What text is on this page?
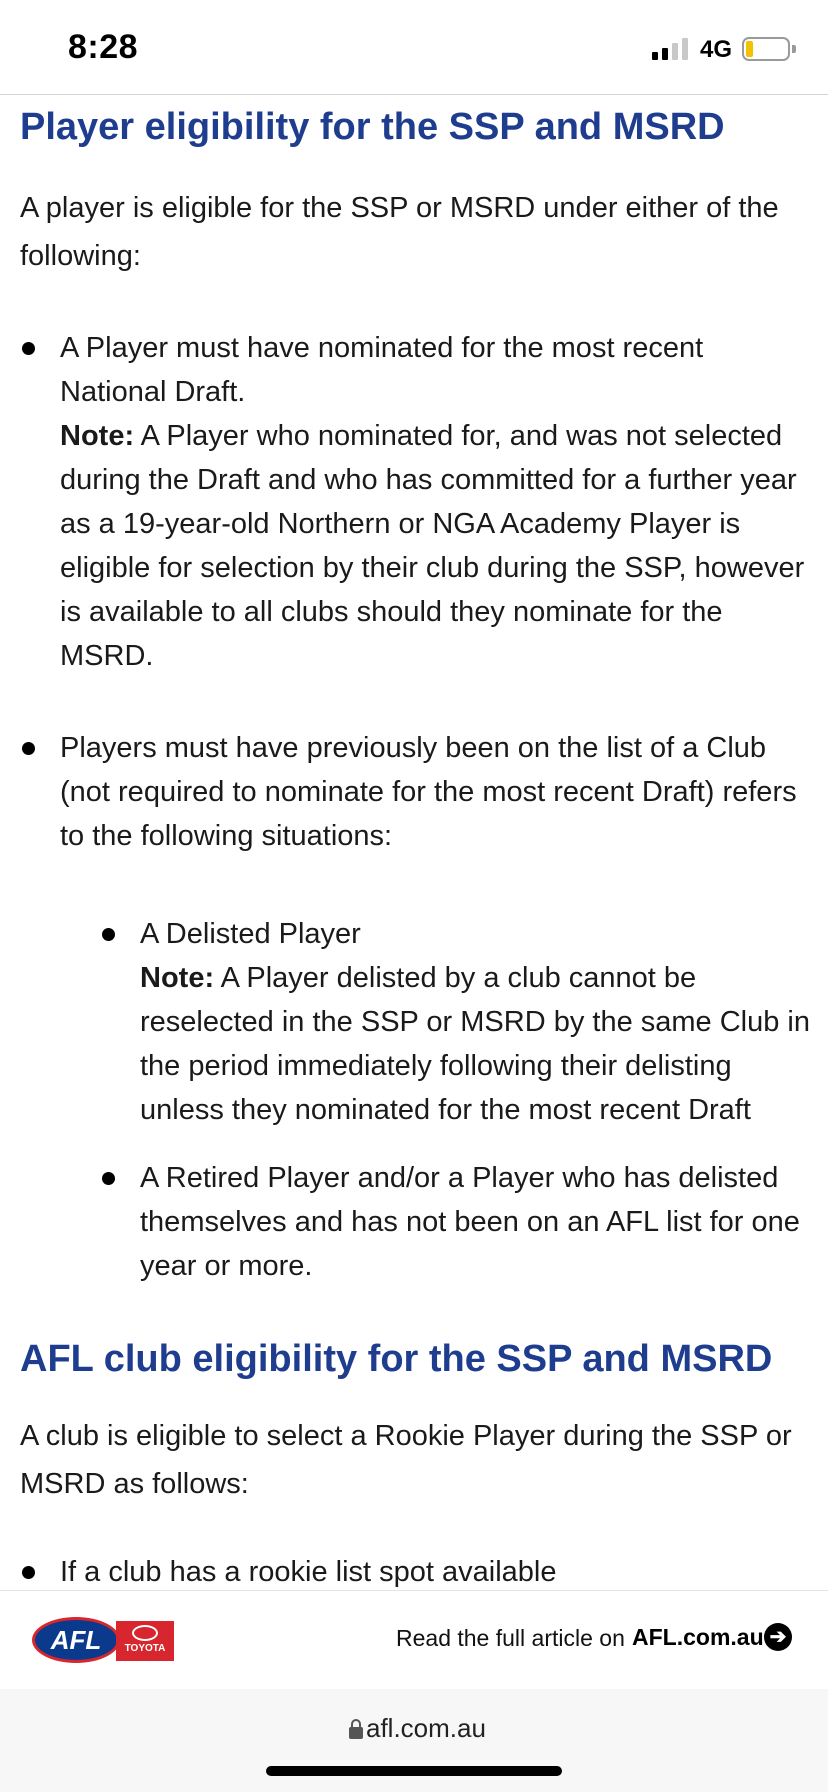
8:28	4G
Player eligibility for the SSP and MSRD

A player is eligible for the SSP or MSRD under either of the following:

A Player must have nominated for the most recent National Draft.
Note: A Player who nominated for, and was not selected during the Draft and who has committed for a further year as a 19-year-old Northern or NGA Academy Player is eligible for selection by their club during the SSP, however is available to all clubs should they nominate for the MSRD.
Players must have previously been on the list of a Club (not required to nominate for the most recent Draft) refers to the following situations:
A Delisted Player
Note: A Player delisted by a club cannot be reselected in the SSP or MSRD by the same Club in the period immediately following their delisting unless they nominated for the most recent Draft
A Retired Player and/or a Player who has delisted themselves and has not been on an AFL list for one year or more.
AFL club eligibility for the SSP and MSRD

A club is eligible to select a Rookie Player during the SSP or MSRD as follows:

If a club has a rookie list spot available
AFL	TOYOTA	Read the full article on AFL.com.au ➔
afl.com.au
